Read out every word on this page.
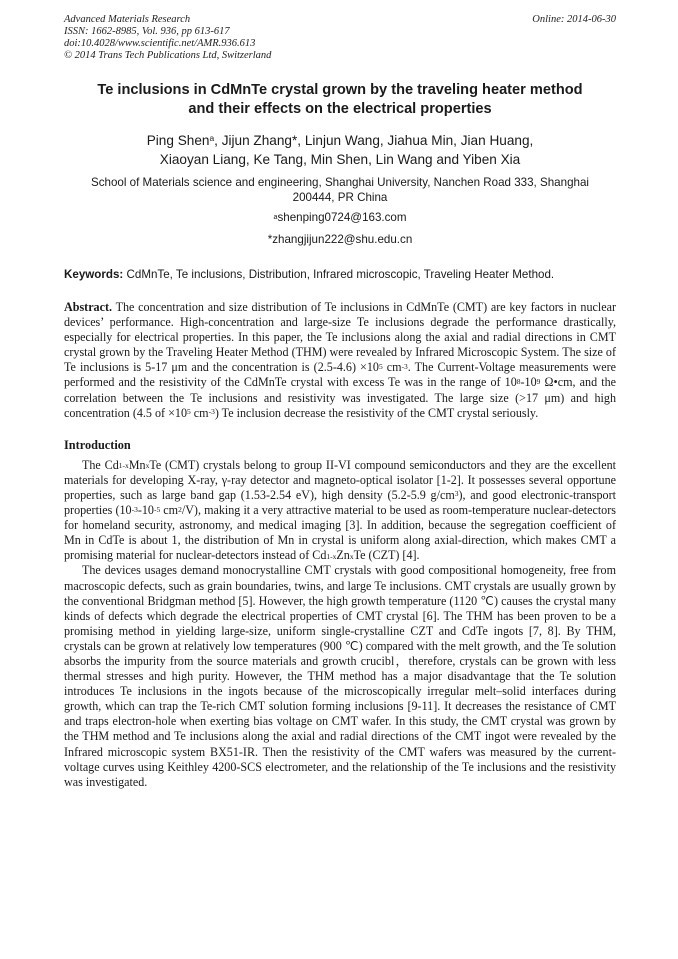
Advanced Materials Research
ISSN: 1662-8985, Vol. 936, pp 613-617
doi:10.4028/www.scientific.net/AMR.936.613
© 2014 Trans Tech Publications Ltd, Switzerland
Online: 2014-06-30
Te inclusions in CdMnTe crystal grown by the traveling heater method
and their effects on the electrical properties
Ping Shen$^a$, Jijun Zhang*, Linjun Wang, Jiahua Min, Jian Huang,
Xiaoyan Liang, Ke Tang, Min Shen, Lin Wang and Yiben Xia
School of Materials science and engineering, Shanghai University, Nanchen Road 333, Shanghai
200444, PR China
$^a$shenping0724@163.com
*zhangjijun222@shu.edu.cn
Keywords: CdMnTe, Te inclusions, Distribution, Infrared microscopic, Traveling Heater Method.
Abstract. The concentration and size distribution of Te inclusions in CdMnTe (CMT) are key factors in nuclear devices’ performance. High-concentration and large-size Te inclusions degrade the performance drastically, especially for electrical properties. In this paper, the Te inclusions along the axial and radial directions in CMT crystal grown by the Traveling Heater Method (THM) were revealed by Infrared Microscopic System. The size of Te inclusions is 5-17 μm and the concentration is $(2.5-4.6) \times 10^5$ $cm^{-3}$. The Current-Voltage measurements were performed and the resistivity of the CdMnTe crystal with excess Te was in the range of $10^8-10^9$ Ω•cm, and the correlation between the Te inclusions and resistivity was investigated. The large size (>17 μm) and high concentration (4.5 of $\times 10^5$ $cm^{-3}$) Te inclusion decrease the resistivity of the CMT crystal seriously.
Introduction

The $Cd_{1-x}Mn_xTe$ (CMT) crystals belong to group II-VI compound semiconductors and they are the excellent materials for developing X-ray, γ-ray detector and magneto-optical isolator [1-2]. It possesses several opportune properties, such as large band gap (1.53-2.54 eV), high density (5.2-5.9 $g/cm^3$), and good electronic-transport properties ($10^{-3}-10^{-5}$ $cm^2/V$), making it a very attractive material to be used as room-temperature nuclear-detectors for homeland security, astronomy, and medical imaging [3]. In addition, because the segregation coefficient of Mn in CdTe is about 1, the distribution of Mn in crystal is uniform along axial-direction, which makes CMT a promising material for nuclear-detectors instead of $Cd_{1-x}Zn_xTe$ (CZT) [4].

The devices usages demand monocrystalline CMT crystals with good compositional homogeneity, free from macroscopic defects, such as grain boundaries, twins, and large Te inclusions. CMT crystals are usually grown by the conventional Bridgman method [5]. However, the high growth temperature (1120 ℃) causes the crystal many kinds of defects which degrade the electrical properties of CMT crystal [6]. The THM has been proven to be a promising method in yielding large-size, uniform single-crystalline CZT and CdTe ingots [7, 8]. By THM, crystals can be grown at relatively low temperatures (900 ℃) compared with the melt growth, and the Te solution absorbs the impurity from the source materials and growth crucibl，therefore, crystals can be grown with less thermal stresses and high purity. However, the THM method has a major disadvantage that the Te solution introduces Te inclusions in the ingots because of the microscopically irregular melt–solid interfaces during growth, which can trap the Te-rich CMT solution forming inclusions [9-11]. It decreases the resistance of CMT and traps electron-hole when exerting bias voltage on CMT wafer. In this study, the CMT crystal was grown by the THM method and Te inclusions along the axial and radial directions of the CMT ingot were revealed by the Infrared microscopic system BX51-IR. Then the resistivity of the CMT wafers was measured by the current-voltage curves using Keithley 4200-SCS electrometer, and the relationship of the Te inclusions and the resistivity was investigated.
